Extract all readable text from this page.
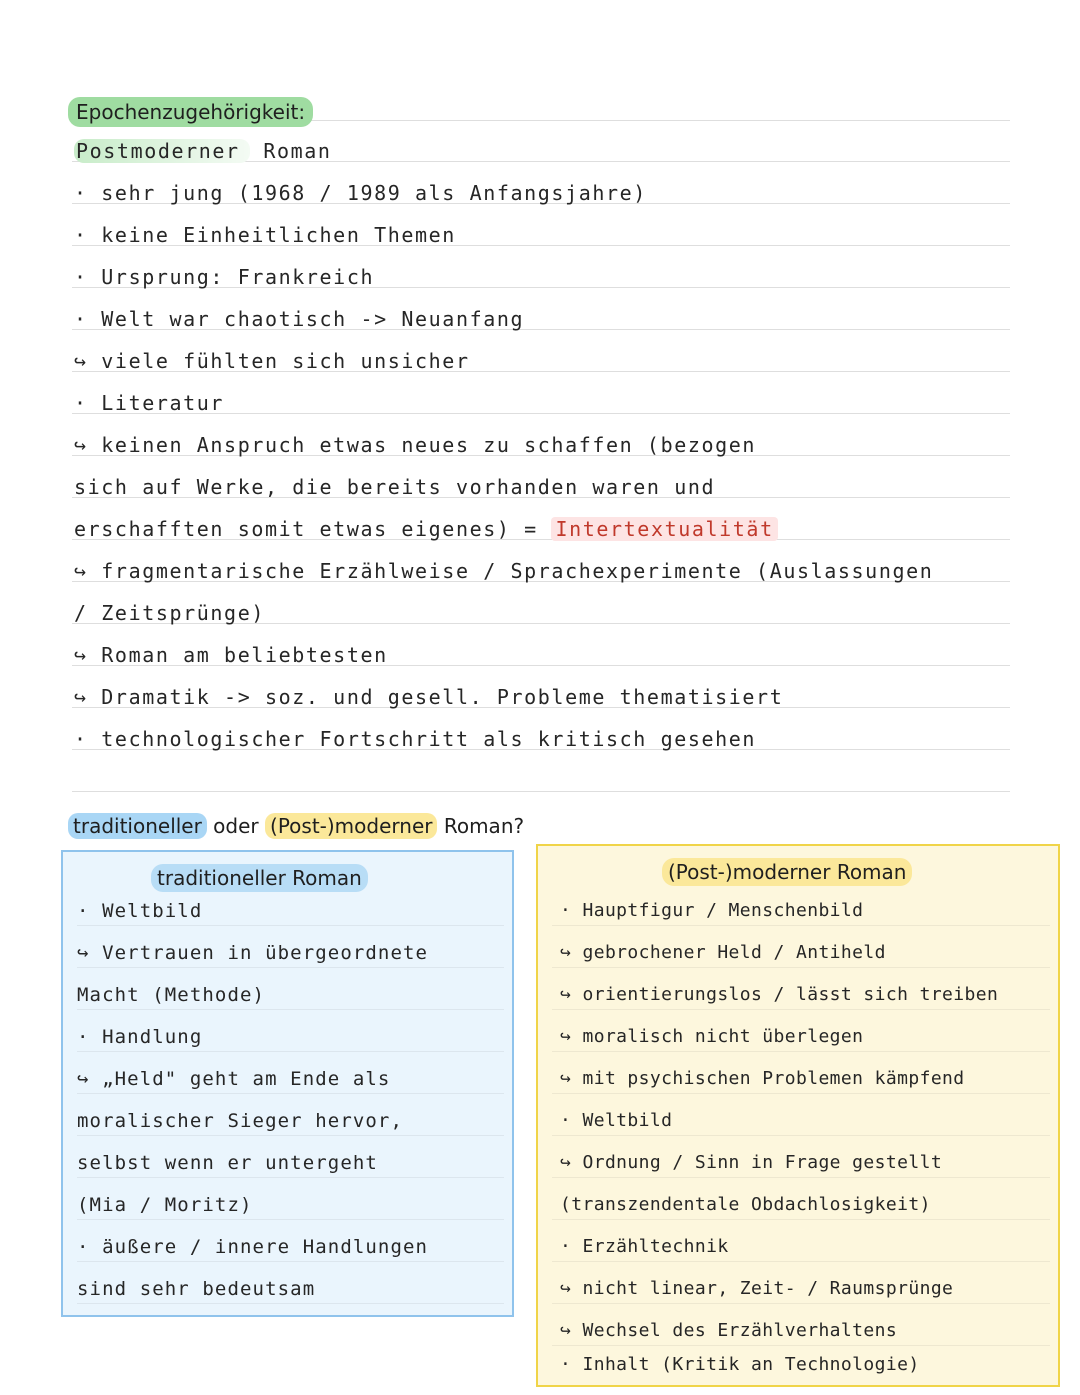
Epochenzugehörigkeit:
Postmoderner Roman
· sehr jung (1968 / 1989 als Anfangsjahre)
· keine Einheitlichen Themen
· Ursprung: Frankreich
· Welt war chaotisch -> Neuanfang
↪ viele fühlten sich unsicher
· Literatur
↪ keinen Anspruch etwas neues zu schaffen (bezogen
sich auf Werke, die bereits vorhanden waren und
erschafften somit etwas eigenes) = Intertextualität
↪ fragmentarische Erzählweise / Sprachexperimente (Auslassungen
/ Zeitsprünge)
↪ Roman am beliebtesten
↪ Dramatik -> soz. und gesell. Probleme thematisiert
· technologischer Fortschritt als kritisch gesehen
traditioneller oder (Post-)moderner Roman?
traditioneller Roman
· Weltbild
↪ Vertrauen in übergeordnete
Macht (Methode)
· Handlung
↪ „Held" geht am Ende als
moralischer Sieger hervor,
selbst wenn er untergeht
(Mia / Moritz)
· äußere / innere Handlungen
sind sehr bedeutsam
(Post-)moderner Roman
· Hauptfigur / Menschenbild
↪ gebrochener Held / Antiheld
↪ orientierungslos / lässt sich treiben
↪ moralisch nicht überlegen
↪ mit psychischen Problemen kämpfend
· Weltbild
↪ Ordnung / Sinn in Frage gestellt
(transzendentale Obdachlosigkeit)
· Erzähltechnik
↪ nicht linear, Zeit- / Raumsprünge
↪ Wechsel des Erzählverhaltens
· Inhalt (Kritik an Technologie)
